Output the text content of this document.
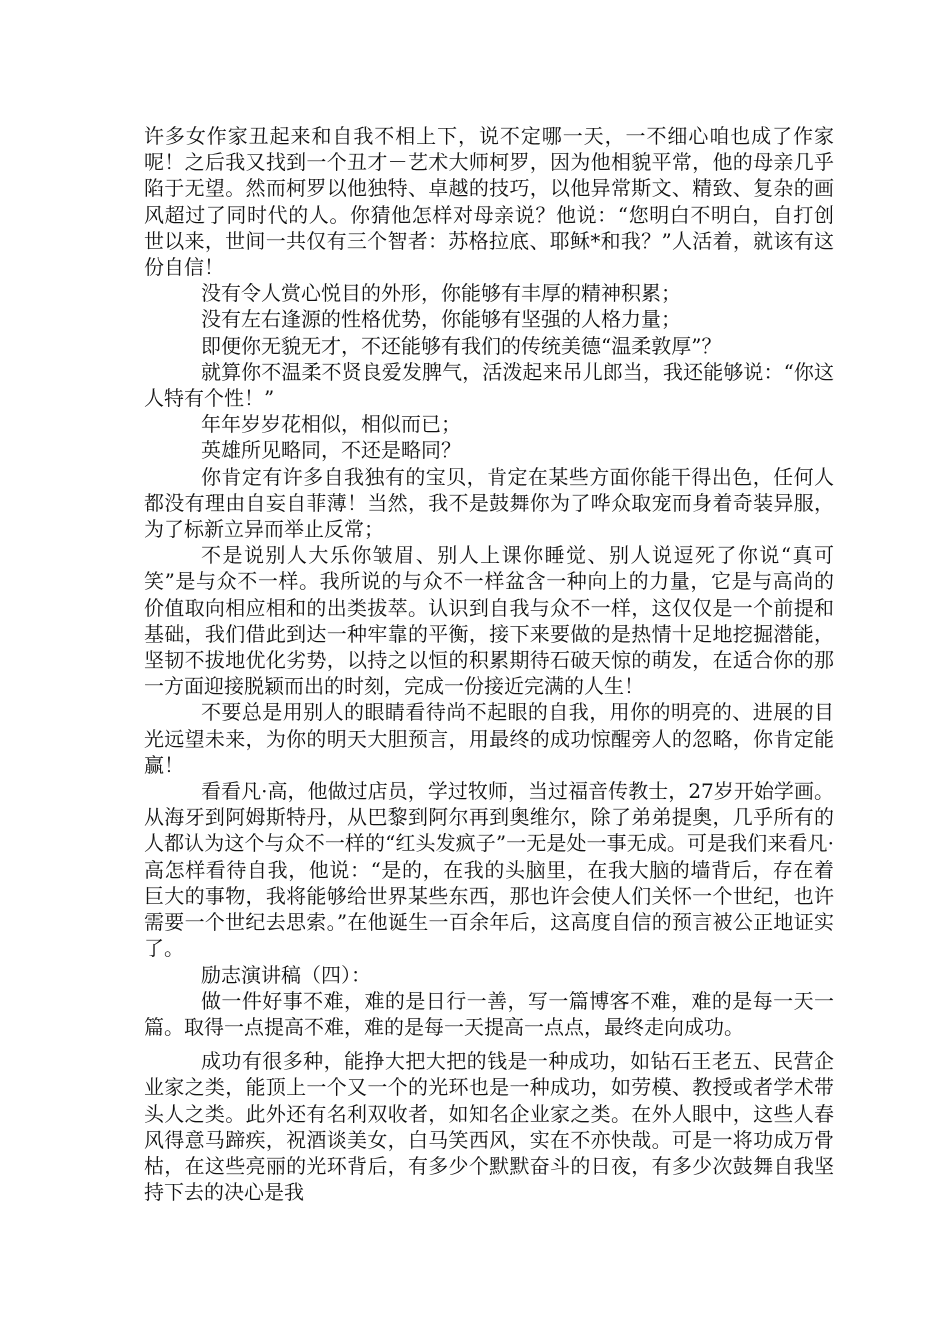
许多女作家丑起来和自我不相上下，说不定哪一天，一不细心咱也成了作家呢！之后我又找到一个丑才－艺术大师柯罗，因为他相貌平常，他的母亲几乎陷于无望。然而柯罗以他独特、卓越的技巧，以他异常斯文、精致、复杂的画风超过了同时代的人。你猜他怎样对母亲说？他说：“您明白不明白，自打创世以来，世间一共仅有三个智者：苏格拉底、耶稣*和我？”人活着，就该有这份自信！

没有令人赏心悦目的外形，你能够有丰厚的精神积累；

没有左右逢源的性格优势，你能够有坚强的人格力量；

即便你无貌无才，不还能够有我们的传统美德“温柔敦厚”？

就算你不温柔不贤良爱发脾气，活泼起来吊儿郎当，我还能够说：“你这人特有个性！”

年年岁岁花相似，相似而已；

英雄所见略同，不还是略同？

你肯定有许多自我独有的宝贝，肯定在某些方面你能干得出色，任何人都没有理由自妄自菲薄！当然，我不是鼓舞你为了哗众取宠而身着奇装异服，为了标新立异而举止反常；

不是说别人大乐你皱眉、别人上课你睡觉、别人说逗死了你说“真可笑”是与众不一样。我所说的与众不一样盆含一种向上的力量，它是与高尚的价值取向相应相和的出类拔萃。认识到自我与众不一样，这仅仅是一个前提和基础，我们借此到达一种牢靠的平衡，接下来要做的是热情十足地挖掘潜能，坚韧不拔地优化劣势，以持之以恒的积累期待石破天惊的萌发，在适合你的那一方面迎接脱颖而出的时刻，完成一份接近完满的人生！

不要总是用别人的眼睛看待尚不起眼的自我，用你的明亮的、进展的目光远望未来，为你的明天大胆预言，用最终的成功惊醒旁人的忽略，你肯定能赢！

看看凡·高，他做过店员，学过牧师，当过福音传教士，27岁开始学画。从海牙到阿姆斯特丹，从巴黎到阿尔再到奥维尔，除了弟弟提奥，几乎所有的人都认为这个与众不一样的“红头发疯子”一无是处一事无成。可是我们来看凡·高怎样看待自我，他说：“是的，在我的头脑里，在我大脑的墙背后，存在着巨大的事物，我将能够给世界某些东西，那也许会使人们关怀一个世纪，也许需要一个世纪去思索。”在他诞生一百余年后，这高度自信的预言被公正地证实了。

励志演讲稿（四）：

做一件好事不难，难的是日行一善，写一篇博客不难，难的是每一天一篇。取得一点提高不难，难的是每一天提高一点点，最终走向成功。

成功有很多种，能挣大把大把的钱是一种成功，如钻石王老五、民营企业家之类，能顶上一个又一个的光环也是一种成功，如劳模、教授或者学术带头人之类。此外还有名利双收者，如知名企业家之类。在外人眼中，这些人春风得意马蹄疾，祝酒谈美女，白马笑西风，实在不亦快哉。可是一将功成万骨枯，在这些亮丽的光环背后，有多少个默默奋斗的日夜，有多少次鼓舞自我坚持下去的决心是我
